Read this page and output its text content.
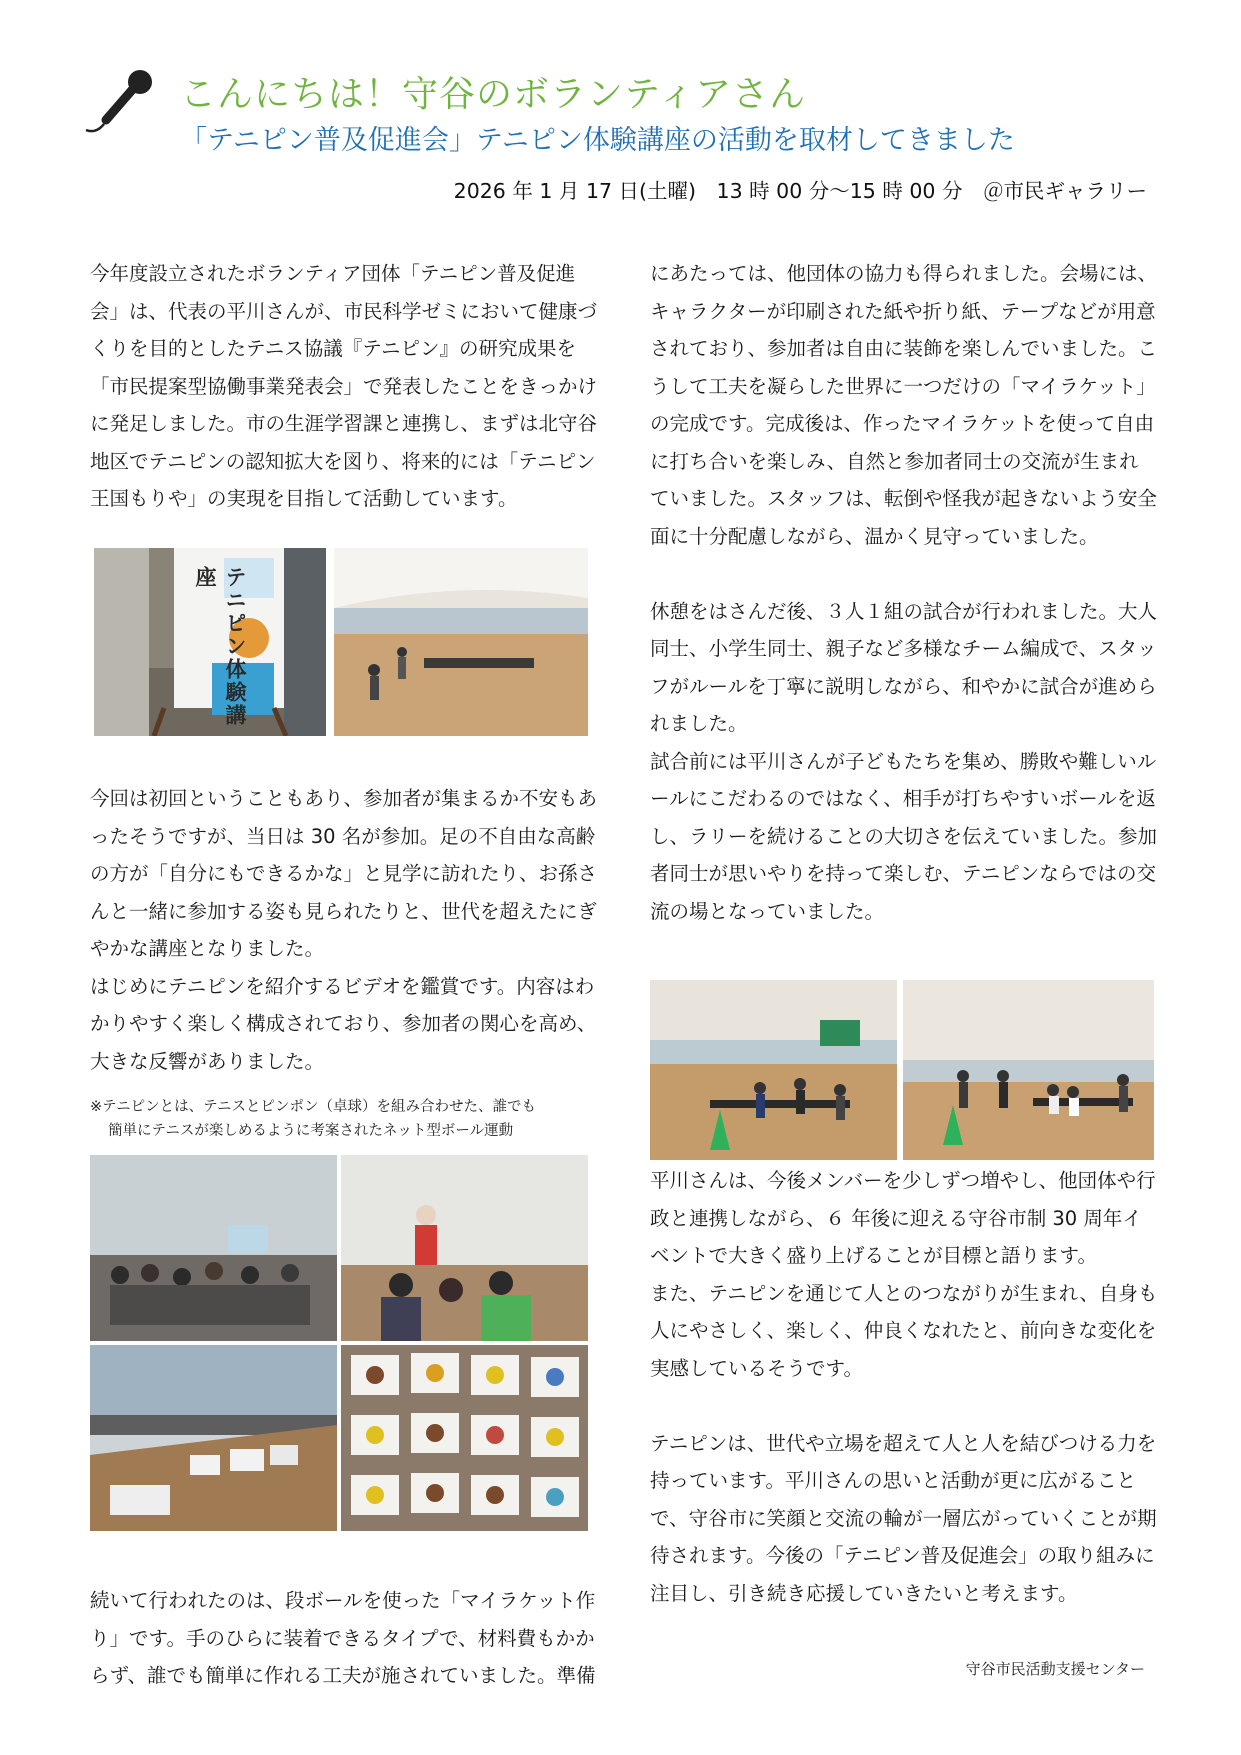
こんにちは！守谷のボランティアさん
「テニピン普及促進会」テニピン体験講座の活動を取材してきました
2026 年 1 月 17 日(土曜)　13 時 00 分～15 時 00 分　＠市民ギャラリー

今年度設立されたボランティア団体「テニピン普及促進会」は、代表の平川さんが、市民科学ゼミにおいて健康づくりを目的としたテニス協議『テニピン』の研究成果を「市民提案型協働事業発表会」で発表したことをきっかけに発足しました。市の生涯学習課と連携し、まずは北守谷地区でテニピンの認知拡大を図り、将来的には「テニピン王国もりや」の実現を目指して活動しています。

テニピン体験講座

今回は初回ということもあり、参加者が集まるか不安もあったそうですが、当日は 30 名が参加。足の不自由な高齢の方が「自分にもできるかな」と見学に訪れたり、お孫さんと一緒に参加する姿も見られたりと、世代を超えたにぎやかな講座となりました。

はじめにテニピンを紹介するビデオを鑑賞です。内容はわかりやすく楽しく構成されており、参加者の関心を高め、大きな反響がありました。

※テニピンとは、テニスとピンポン（卓球）を組み合わせた、誰でも

簡単にテニスが楽しめるように考案されたネット型ボール運動

続いて行われたのは、段ボールを使った「マイラケット作り」です。手のひらに装着できるタイプで、材料費もかからず、誰でも簡単に作れる工夫が施されていました。準備

にあたっては、他団体の協力も得られました。会場には、キャラクターが印刷された紙や折り紙、テープなどが用意されており、参加者は自由に装飾を楽しんでいました。こうして工夫を凝らした世界に一つだけの「マイラケット」の完成です。完成後は、作ったマイラケットを使って自由に打ち合いを楽しみ、自然と参加者同士の交流が生まれていました。スタッフは、転倒や怪我が起きないよう安全面に十分配慮しながら、温かく見守っていました。

休憩をはさんだ後、３人１組の試合が行われました。大人同士、小学生同士、親子など多様なチーム編成で、スタッフがルールを丁寧に説明しながら、和やかに試合が進められました。

試合前には平川さんが子どもたちを集め、勝敗や難しいルールにこだわるのではなく、相手が打ちやすいボールを返し、ラリーを続けることの大切さを伝えていました。参加者同士が思いやりを持って楽しむ、テニピンならではの交流の場となっていました。

平川さんは、今後メンバーを少しずつ増やし、他団体や行政と連携しながら、６ 年後に迎える守谷市制 30 周年イベントで大きく盛り上げることが目標と語ります。

また、テニピンを通じて人とのつながりが生まれ、自身も人にやさしく、楽しく、仲良くなれたと、前向きな変化を実感しているそうです。

テニピンは、世代や立場を超えて人と人を結びつける力を持っています。平川さんの思いと活動が更に広がることで、守谷市に笑顔と交流の輪が一層広がっていくことが期待されます。今後の「テニピン普及促進会」の取り組みに注目し、引き続き応援していきたいと考えます。

守谷市民活動支援センター
